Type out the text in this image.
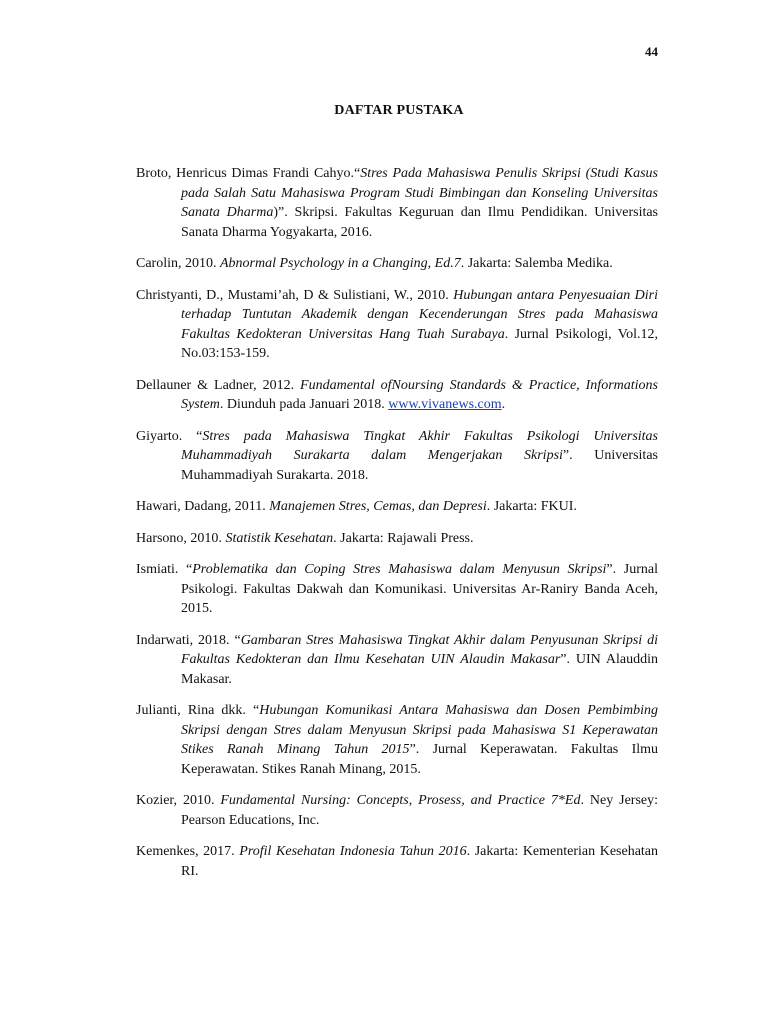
44
DAFTAR PUSTAKA

Broto, Henricus Dimas Frandi Cahyo.“Stres Pada Mahasiswa Penulis Skripsi (Studi Kasus pada Salah Satu Mahasiswa Program Studi Bimbingan dan Konseling Universitas Sanata Dharma)”. Skripsi. Fakultas Keguruan dan Ilmu Pendidikan. Universitas Sanata Dharma Yogyakarta, 2016.

Carolin, 2010. Abnormal Psychology in a Changing, Ed.7. Jakarta: Salemba Medika.

Christyanti, D., Mustami’ah, D & Sulistiani, W., 2010. Hubungan antara Penyesuaian Diri terhadap Tuntutan Akademik dengan Kecenderungan Stres pada Mahasiswa Fakultas Kedokteran Universitas Hang Tuah Surabaya. Jurnal Psikologi, Vol.12, No.03:153-159.

Dellauner & Ladner, 2012. Fundamental ofNoursing Standards & Practice, Informations System. Diunduh pada Januari 2018. www.vivanews.com.

Giyarto. “Stres pada Mahasiswa Tingkat Akhir Fakultas Psikologi Universitas Muhammadiyah Surakarta dalam Mengerjakan Skripsi”. Universitas Muhammadiyah Surakarta. 2018.

Hawari, Dadang, 2011. Manajemen Stres, Cemas, dan Depresi. Jakarta: FKUI.

Harsono, 2010. Statistik Kesehatan. Jakarta: Rajawali Press.

Ismiati. “Problematika dan Coping Stres Mahasiswa dalam Menyusun Skripsi”. Jurnal Psikologi. Fakultas Dakwah dan Komunikasi. Universitas Ar-Raniry Banda Aceh, 2015.

Indarwati, 2018. “Gambaran Stres Mahasiswa Tingkat Akhir dalam Penyusunan Skripsi di Fakultas Kedokteran dan Ilmu Kesehatan UIN Alaudin Makasar”. UIN Alauddin Makasar.

Julianti, Rina dkk. “Hubungan Komunikasi Antara Mahasiswa dan Dosen Pembimbing Skripsi dengan Stres dalam Menyusun Skripsi pada Mahasiswa S1 Keperawatan Stikes Ranah Minang Tahun 2015”. Jurnal Keperawatan. Fakultas Ilmu Keperawatan. Stikes Ranah Minang, 2015.

Kozier, 2010. Fundamental Nursing: Concepts, Prosess, and Practice 7*Ed. Ney Jersey: Pearson Educations, Inc.

Kemenkes, 2017. Profil Kesehatan Indonesia Tahun 2016. Jakarta: Kementerian Kesehatan RI.
